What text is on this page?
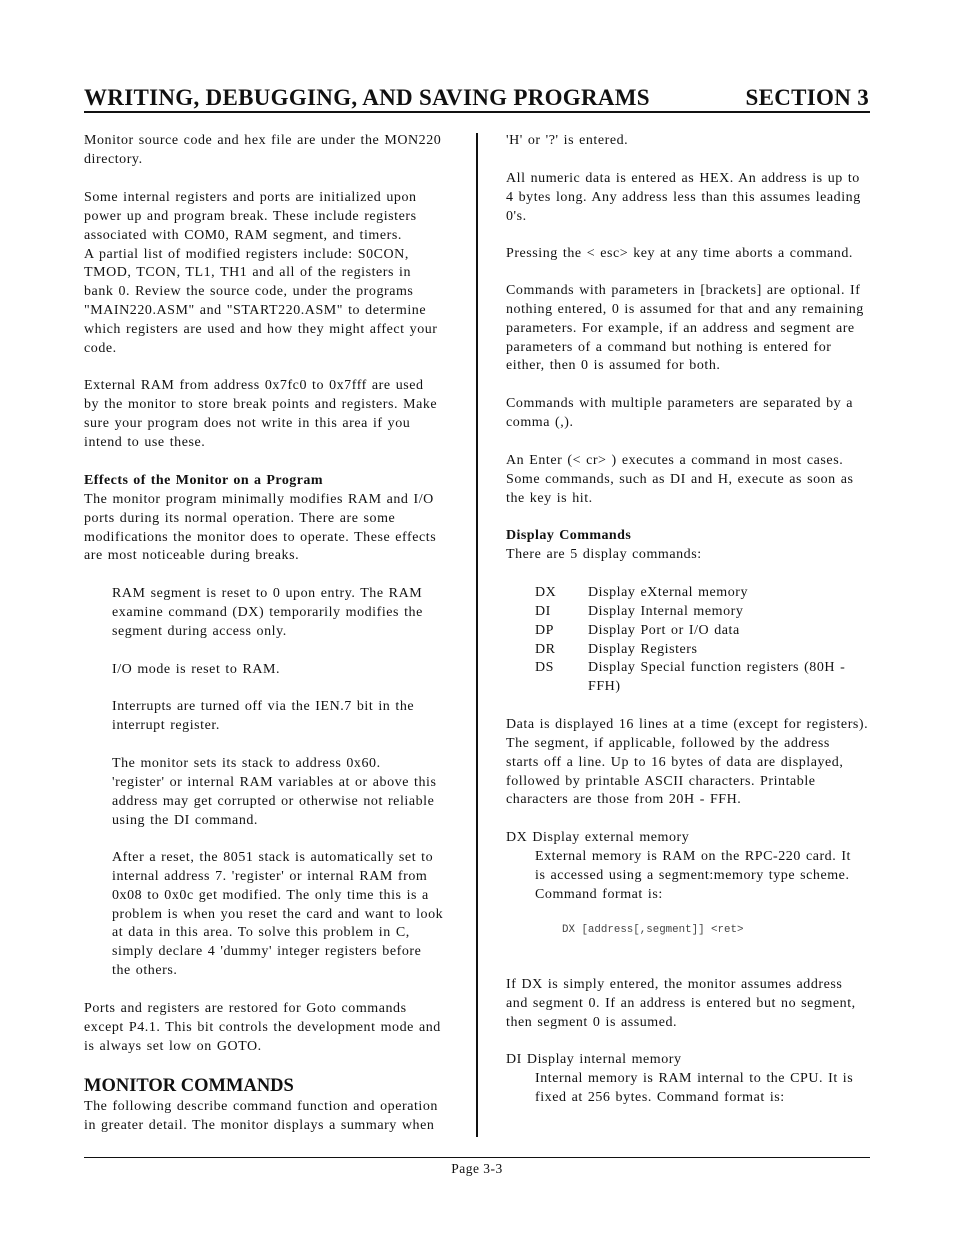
WRITING, DEBUGGING, AND SAVING PROGRAMS	SECTION 3
Monitor source code and hex file are under the MON220
directory.
Some internal registers and ports are initialized upon
power up and program break. These include registers
associated with COM0, RAM segment, and timers.
A partial list of modified registers include: S0CON,
TMOD, TCON, TL1, TH1 and all of the registers in
bank 0. Review the source code, under the programs
"MAIN220.ASM" and "START220.ASM" to determine
which registers are used and how they might affect your
code.
External RAM from address 0x7fc0 to 0x7fff are used
by the monitor to store break points and registers. Make
sure your program does not write in this area if you
intend to use these.
Effects of the Monitor on a Program
The monitor program minimally modifies RAM and I/O
ports during its normal operation. There are some
modifications the monitor does to operate. These effects
are most noticeable during breaks.
RAM segment is reset to 0 upon entry. The RAM
examine command (DX) temporarily modifies the
segment during access only.
I/O mode is reset to RAM.
Interrupts are turned off via the IEN.7 bit in the
interrupt register.
The monitor sets its stack to address 0x60.
'register' or internal RAM variables at or above this
address may get corrupted or otherwise not reliable
using the DI command.
After a reset, the 8051 stack is automatically set to
internal address 7. 'register' or internal RAM from
0x08 to 0x0c get modified. The only time this is a
problem is when you reset the card and want to look
at data in this area. To solve this problem in C,
simply declare 4 'dummy' integer registers before
the others.
Ports and registers are restored for Goto commands
except P4.1. This bit controls the development mode and
is always set low on GOTO.
MONITOR COMMANDS
The following describe command function and operation
in greater detail. The monitor displays a summary when
'H' or '?' is entered.
All numeric data is entered as HEX. An address is up to
4 bytes long. Any address less than this assumes leading
0's.
Pressing the < esc> key at any time aborts a command.
Commands with parameters in [brackets] are optional. If
nothing entered, 0 is assumed for that and any remaining
parameters. For example, if an address and segment are
parameters of a command but nothing is entered for
either, then 0 is assumed for both.
Commands with multiple parameters are separated by a
comma (,).
An Enter (< cr> ) executes a command in most cases.
Some commands, such as DI and H, execute as soon as
the key is hit.
Display Commands
There are 5 display commands:
DX Display eXternal memory
DI	Display Internal memory
DP Display Port or I/O data
DR Display Registers
DS Display Special function registers (80H -
FFH)
Data is displayed 16 lines at a time (except for registers).
The segment, if applicable, followed by the address
starts off a line. Up to 16 bytes of data are displayed,
followed by printable ASCII characters. Printable
characters are those from 20H - FFH.
DX Display external memory
External memory is RAM on the RPC-220 card. It
is accessed using a segment:memory type scheme.
Command format is:
DX [address[,segment]] <ret>
If DX is simply entered, the monitor assumes address
and segment 0. If an address is entered but no segment,
then segment 0 is assumed.
DI Display internal memory
Internal memory is RAM internal to the CPU. It is
fixed at 256 bytes. Command format is:
Page 3-3
